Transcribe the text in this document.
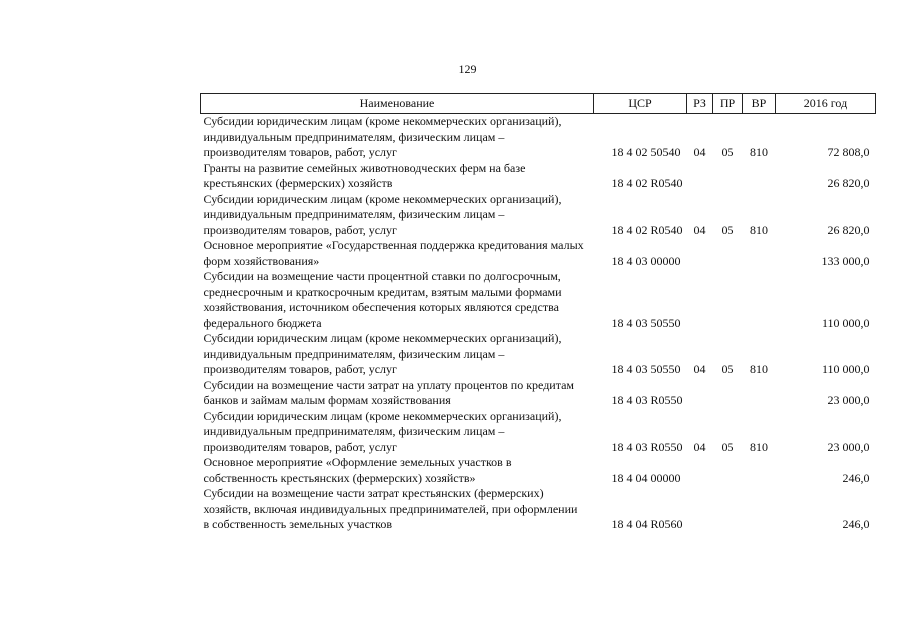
129
Наименование	ЦСР	РЗ	ПР	ВР	2016 год
Субсидии юридическим лицам (кроме некоммерческих организаций), индивидуальным предпринимателям, физическим лицам – производителям товаров, работ, услуг	18 4 02 50540	04	05	810	72 808,0
Гранты на развитие семейных животноводческих ферм на базе крестьянских (фермерских) хозяйств	18 4 02 R0540				26 820,0
Субсидии юридическим лицам (кроме некоммерческих организаций), индивидуальным предпринимателям, физическим лицам – производителям товаров, работ, услуг	18 4 02 R0540	04	05	810	26 820,0
Основное мероприятие «Государственная поддержка кредитования малых форм хозяйствования»	18 4 03 00000				133 000,0
Субсидии на возмещение части процентной ставки по долгосрочным, среднесрочным и краткосрочным кредитам, взятым малыми формами хозяйствования, источником обеспечения которых являются средства федерального бюджета	18 4 03 50550				110 000,0
Субсидии юридическим лицам (кроме некоммерческих организаций), индивидуальным предпринимателям, физическим лицам – производителям товаров, работ, услуг	18 4 03 50550	04	05	810	110 000,0
Субсидии на возмещение части затрат на уплату процентов по кредитам банков и займам малым формам хозяйствования	18 4 03 R0550				23 000,0
Субсидии юридическим лицам (кроме некоммерческих организаций), индивидуальным предпринимателям, физическим лицам – производителям товаров, работ, услуг	18 4 03 R0550	04	05	810	23 000,0
Основное мероприятие «Оформление земельных участков в собственность крестьянских (фермерских) хозяйств»	18 4 04 00000				246,0
Субсидии на возмещение части затрат крестьянских (фермерских) хозяйств, включая индивидуальных предпринимателей, при оформлении в собственность земельных участков	18 4 04 R0560				246,0
